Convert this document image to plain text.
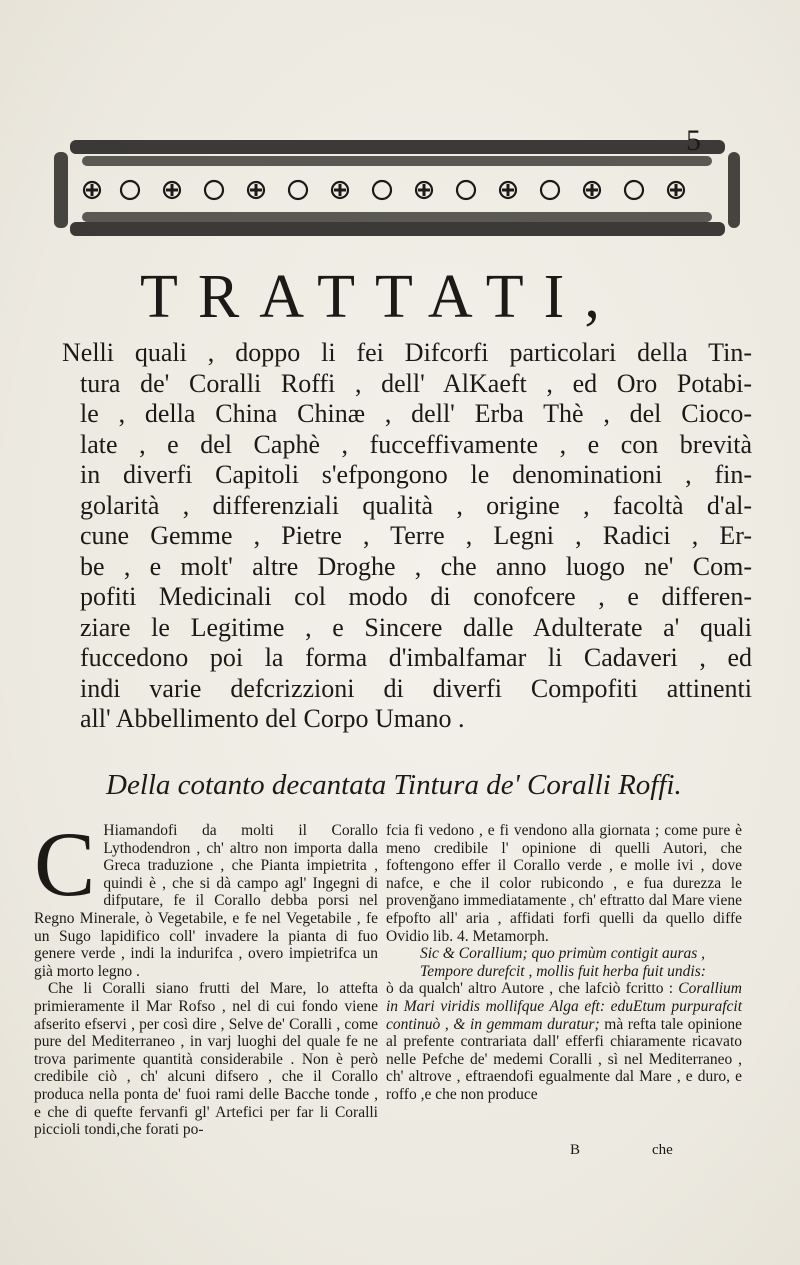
TRATTATI,
Nelli quali , doppo li fei Difcorfi particolari della Tin-
tura de' Coralli Roffi , dell' AlKaeft , ed Oro Potabi-
le , della China Chinæ , dell' Erba Thè , del Cioco-
late , e del Caphè , fucceffivamente , e con brevità
in diverfi Capitoli s'efpongono le denominationi , fin-
golarità , differenziali qualità , origine , facoltà d'al-
cune Gemme , Pietre , Terre , Legni , Radici , Er-
be , e molt' altre Droghe , che anno luogo ne' Com-
pofiti Medicinali col modo di conofcere , e differen-
ziare le Legitime , e Sincere dalle Adulterate a' quali
fuccedono poi la forma d'imbalfamar li Cadaveri , ed
indi varie defcrizzioni di diverfi Compofiti attinenti
all' Abbellimento del Corpo Umano .
Della cotanto decantata Tintura de' Coralli Roffi.

C Hiamandofi da molti il Corallo Lythodendron , ch' altro non importa dalla Greca traduzione , che Pianta impietrita , quindi è , che si dà campo agl' Ingegni di difputare, fe il Corallo debba porsi nel Regno Minerale, ò Vegetabile, e fe nel Vegetabile , fe un Sugo lapidifico coll' invadere la pianta di fuo genere verde , indi la indurifca , overo impietrifca un già morto legno .

Che li Coralli siano frutti del Mare, lo attefta primieramente il Mar Rofso , nel di cui fondo viene afserito efservi , per così dire , Selve de' Coralli , come pure del Mediterraneo , in varj luoghi del quale fe ne trova parimente quantità considerabile . Non è però credibile ciò , ch' alcuni difsero , che il Corallo produca nella ponta de' fuoi rami delle Bacche tonde , e che di quefte fervanfi gl' Artefici per far li Coralli piccioli tondi,che forati po-

fcia fi vedono , e fi vendono alla giornata ; come pure è meno credibile l' opinione di quelli Autori, che foftengono effer il Corallo verde , e molle ivi , dove nafce, e che il color rubicondo , e fua durezza le provenğano immediatamente , ch' eftratto dal Mare viene efpofto all' aria , affidati forfi quelli da quello diffe Ovidio lib. 4. Metamorph.

Sic & Corallium; quo primùm contigit auras ,
Tempore durefcit , mollis fuit herba fuit undis:

ò da qualch' altro Autore , che lafciò fcritto : Corallium in Mari viridis mollifque Alga eft: eduEtum purpurafcit continuò , & in gemmam duratur; mà refta tale opinione al prefente contrariata dall' efferfi chiaramente ricavato nelle Pefche de' medemi Coralli , sì nel Mediterraneo , ch' altrove , eftraendofi egualmente dal Mare , e duro, e roffo ,e che non produce

B	che
